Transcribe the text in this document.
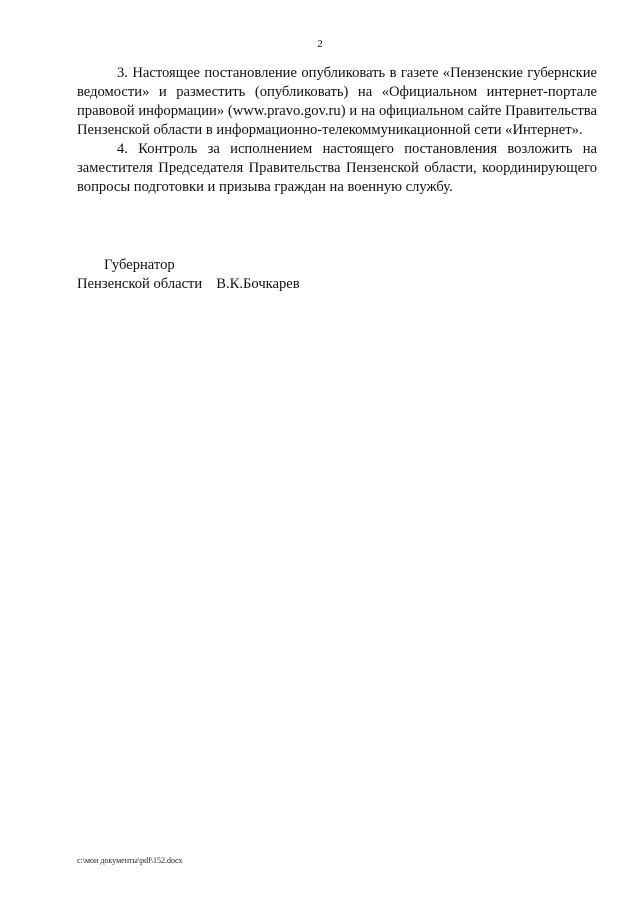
2

3. Настоящее постановление опубликовать в газете «Пензенские губернские ведомости» и разместить (опубликовать) на «Официальном интернет-портале правовой информации» (www.pravo.gov.ru) и на официальном сайте Правительства Пензенской области в информационно-телекоммуникационной сети «Интернет».

4. Контроль за исполнением настоящего постановления возложить на заместителя Председателя Правительства Пензенской области, координирующего вопросы подготовки и призыва граждан на военную службу.

Губернатор
Пензенской области В.К.Бочкарев
c:\мои документы\pdf\152.docx
